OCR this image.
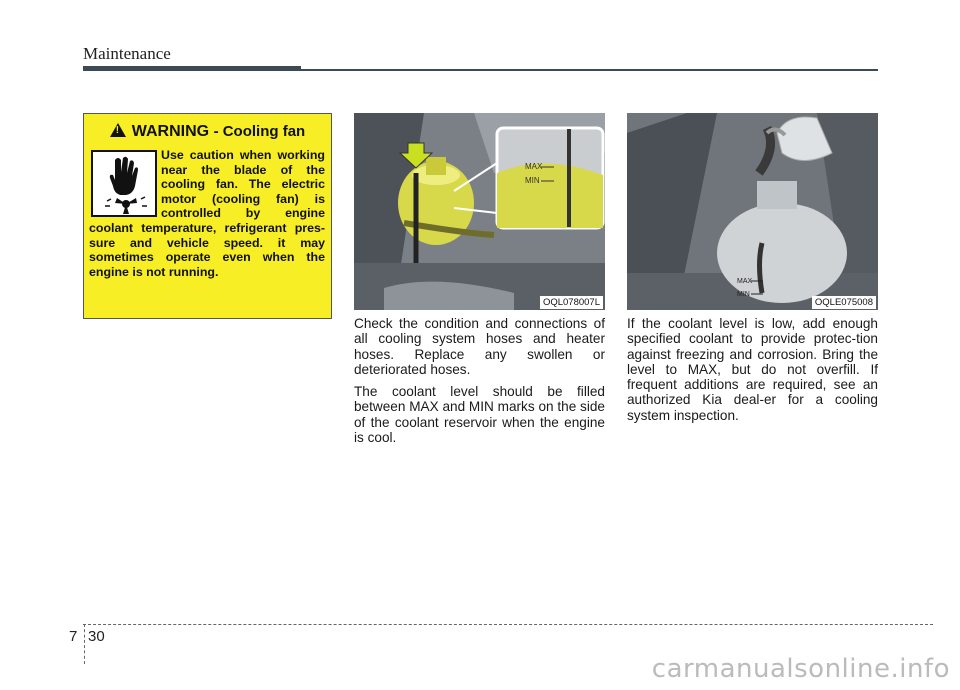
Maintenance
!WARNING - Cooling fan
Use caution when working near the blade of the cooling fan. The electric motor (cooling fan) is controlled by engine coolant temperature, refrigerant pres-sure and vehicle speed. it may sometimes operate even when the engine is not running.
MAX
MIN
OQL078007L
MAX
MIN
OQLE075008

Check the condition and connections of all cooling system hoses and heater hoses. Replace any swollen or deteriorated hoses.

The coolant level should be filled between MAX and MIN marks on the side of the coolant reservoir when the engine is cool.

If the coolant level is low, add enough specified coolant to provide protec-tion against freezing and corrosion. Bring the level to MAX, but do not overfill. If frequent additions are required, see an authorized Kia deal-er for a cooling system inspection.

7 30
carmanualsonline.info
